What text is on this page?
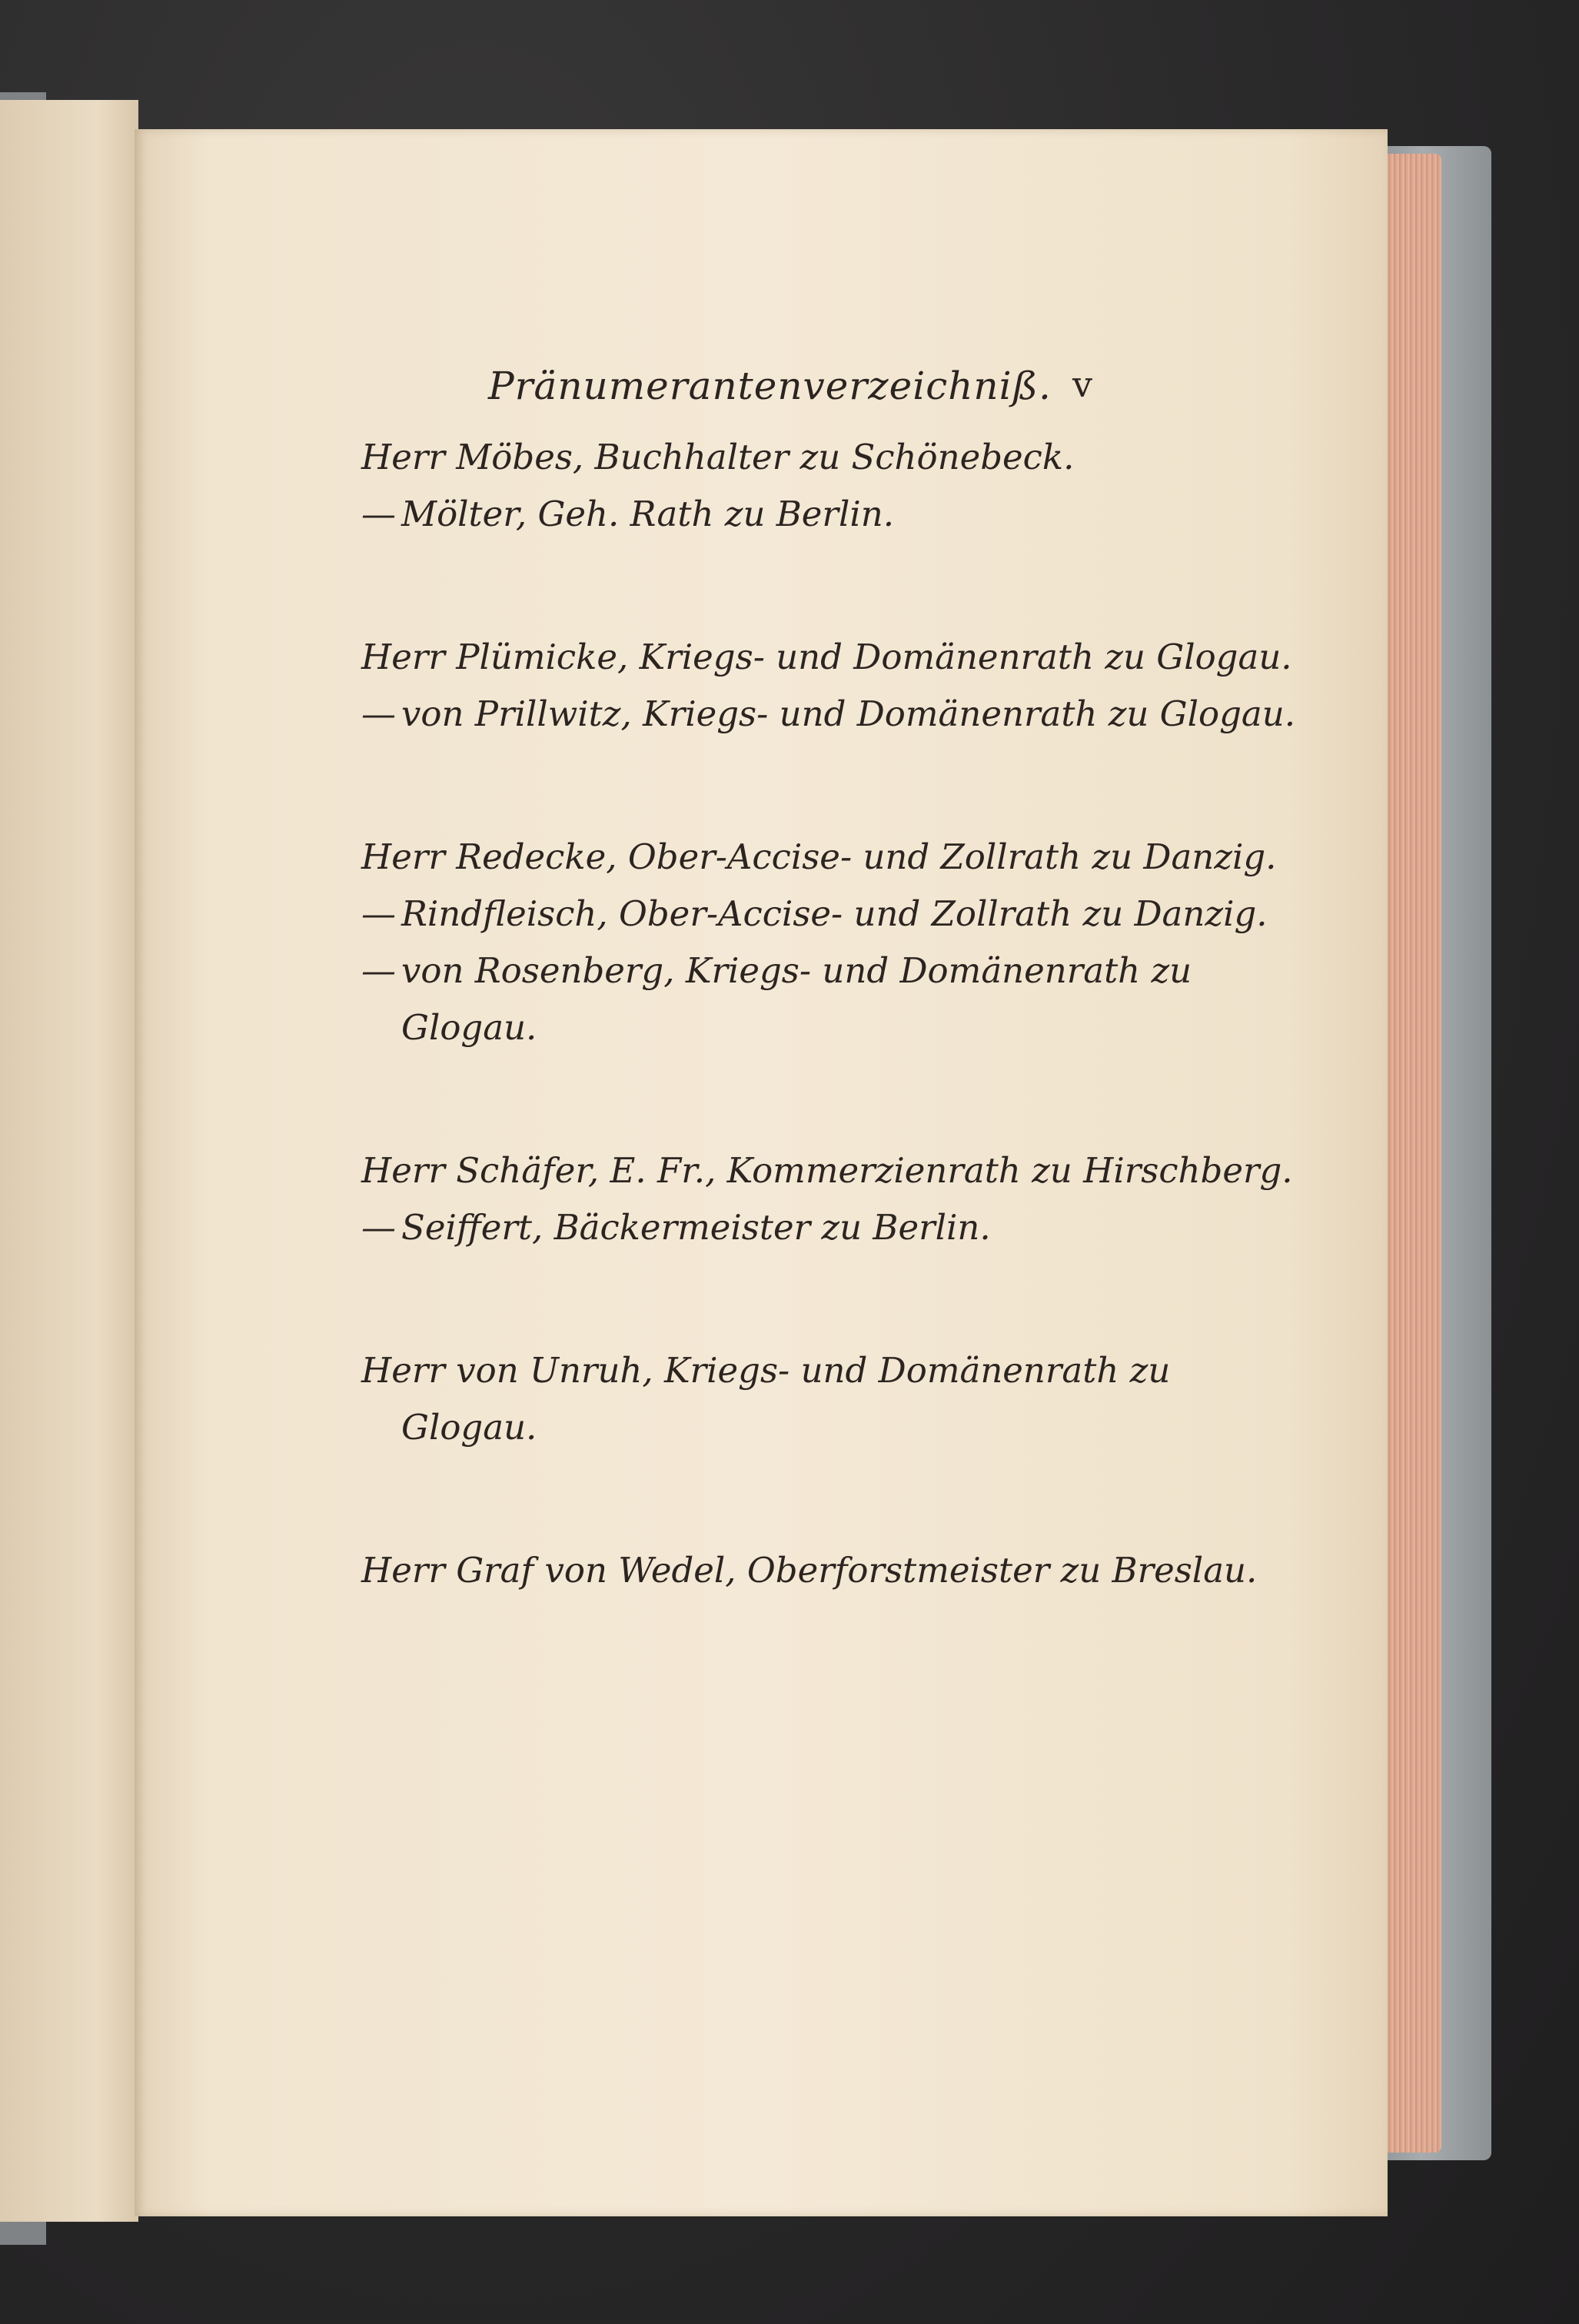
Pränumerantenverzeichniß. v
Herr Möbes, Buchhalter zu Schönebeck.
— Mölter, Geh. Rath zu Berlin.
Herr Plümicke, Kriegs- und Domänenrath zu Glogau.
— von Prillwitz, Kriegs- und Domänenrath zu Glogau.
Herr Redecke, Ober-Accise- und Zollrath zu Danzig.
— Rindfleisch, Ober-Accise- und Zollrath zu Danzig.
— von Rosenberg, Kriegs- und Domänenrath zu Glogau.
Herr Schäfer, E. Fr., Kommerzienrath zu Hirschberg.
— Seiffert, Bäckermeister zu Berlin.
Herr von Unruh, Kriegs- und Domänenrath zu Glogau.
Herr Graf von Wedel, Oberforstmeister zu Breslau.
